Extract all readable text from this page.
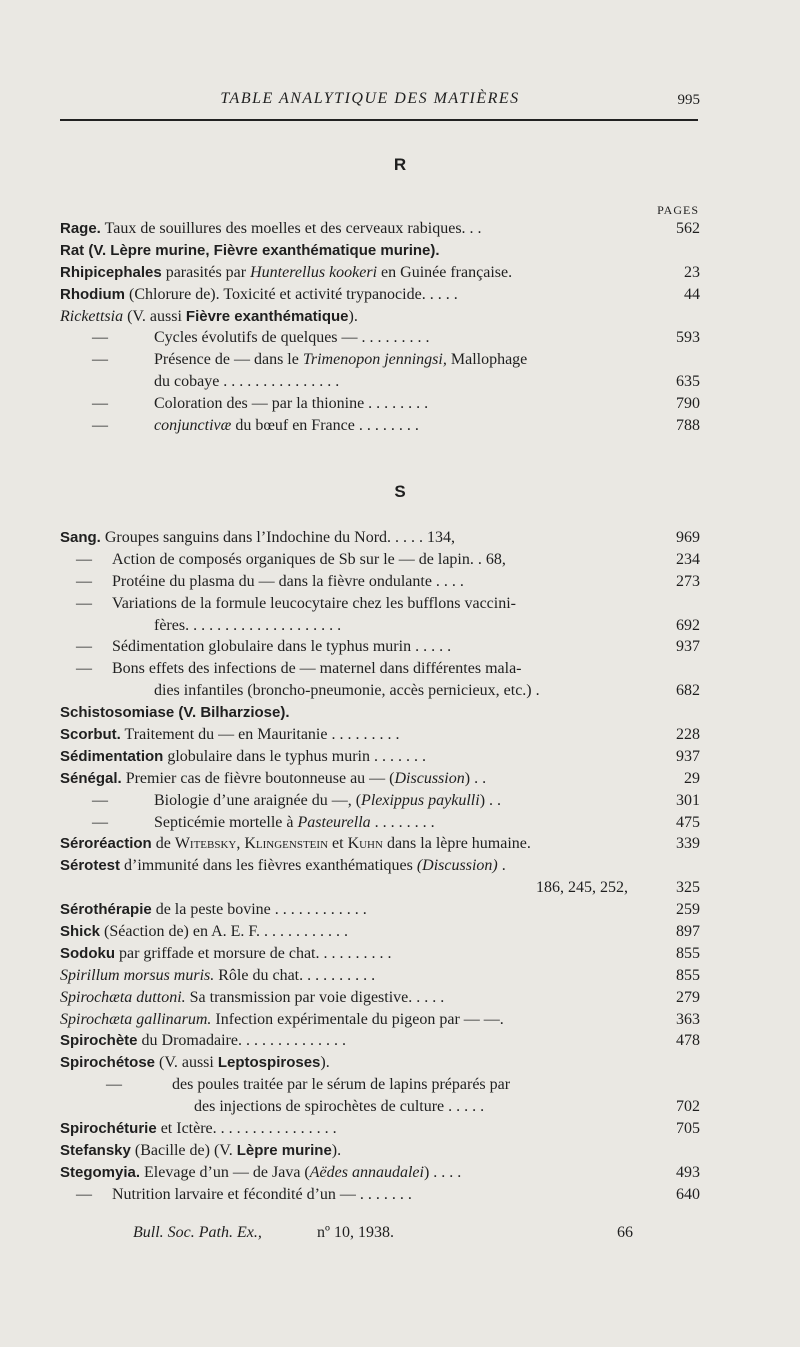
TABLE ANALYTIQUE DES MATIÈRES	995
R
PAGES
Rage. Taux de souillures des moelles et des cerveaux rabiques. . .	562
Rat (V. Lèpre murine, Fièvre exanthématique murine).
Rhipicephales parasités par Hunterellus kookeri en Guinée française.	23
Rhodium (Chlorure de). Toxicité et activité trypanocide. . . . .	44
Rickettsia (V. aussi Fièvre exanthématique).
—	Cycles évolutifs de quelques — . . . . . . . . .	593
—	Présence de — dans le Trimenopon jenningsi, Mallophage
du cobaye . . . . . . . . . . . . . . .	635
—	Coloration des — par la thionine . . . . . . . .	790
—	conjunctivæ du bœuf en France . . . . . . . .	788
S
Sang. Groupes sanguins dans l’Indochine du Nord. . . . . 134,	969
— Action de composés organiques de Sb sur le — de lapin. . 68,	234
— Protéine du plasma du — dans la fièvre ondulante . . . .	273
— Variations de la formule leucocytaire chez les bufflons vaccini-
fères. . . . . . . . . . . . . . . . . . . .	692
— Sédimentation globulaire dans le typhus murin . . . . .	937
— Bons effets des infections de — maternel dans différentes mala-
dies infantiles (broncho-pneumonie, accès pernicieux, etc.) .	682
Schistosomiase (V. Bilharziose).
Scorbut. Traitement du — en Mauritanie . . . . . . . . .	228
Sédimentation globulaire dans le typhus murin . . . . . . .	937
Sénégal. Premier cas de fièvre boutonneuse au — (Discussion) . .	29
—	Biologie d’une araignée du —, (Plexippus paykulli) . .	301
—	Septicémie mortelle à Pasteurella . . . . . . . .	475
Séroréaction de Witebsky, Klingenstein et Kuhn dans la lèpre humaine.	339
Sérotest d’immunité dans les fièvres exanthématiques (Discussion) .
186, 245, 252,	325
Sérothérapie de la peste bovine . . . . . . . . . . . .	259
Shick (Séaction de) en A. E. F. . . . . . . . . . . .	897
Sodoku par griffade et morsure de chat. . . . . . . . . .	855
Spirillum morsus muris. Rôle du chat. . . . . . . . . .	855
Spirochæta duttoni. Sa transmission par voie digestive. . . . .	279
Spirochæta gallinarum. Infection expérimentale du pigeon par — —.	363
Spirochète du Dromadaire. . . . . . . . . . . . . .	478
Spirochétose (V. aussi Leptospiroses).
—	des poules traitée par le sérum de lapins préparés par
des injections de spirochètes de culture . . . . .	702
Spirochéturie et Ictère. . . . . . . . . . . . . . . .	705
Stefansky (Bacille de) (V. Lèpre murine).
Stegomyia. Elevage d’un — de Java (Aëdes annaudalei) . . . .	493
— Nutrition larvaire et fécondité d’un — . . . . . . .	640
Bull. Soc. Path. Ex.,	nº 10, 1938.	66
